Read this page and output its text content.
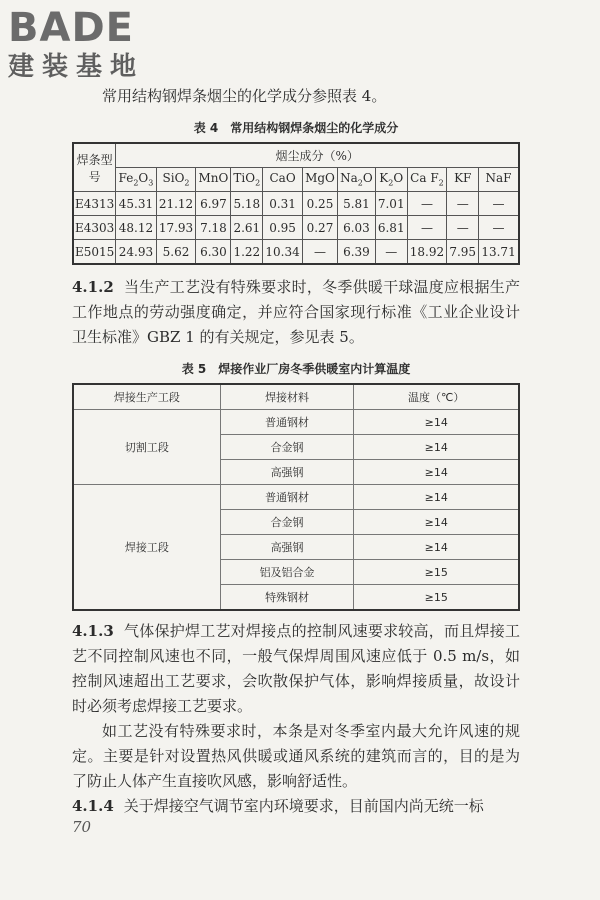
BADE
建装基地

常用结构钢焊条烟尘的化学成分参照表 4。

表 4　常用结构钢焊条烟尘的化学成分
焊条型号	烟尘成分（%）										
	$Fe_2O_3$	SiO$_2$	MnO	TiO$_2$	CaO	MgO	$Na_2O$	$K_2O$	Ca $F_2$	KF	NaF
E4313	45.31	21.12	6.97	5.18	0.31	0.25	5.81	7.01	—	—	—
E4303	48.12	17.93	7.18	2.61	0.95	0.27	6.03	6.81	—	—	—
E5015	24.93	5.62	6.30	1.22	10.34	—	6.39	—	18.92	7.95	13.71

4.1.2 当生产工艺没有特殊要求时，冬季供暖干球温度应根据生产工作地点的劳动强度确定，并应符合国家现行标准《工业企业设计卫生标准》GBZ 1 的有关规定，参见表 5。

表 5　焊接作业厂房冬季供暖室内计算温度
焊接生产工段	焊接材料	温度（℃）
切割工段	普通钢材	≥14
	合金钢	≥14
	高强钢	≥14
焊接工段	普通钢材	≥14
	合金钢	≥14
	高强钢	≥14
	铝及铝合金	≥15
	特殊钢材	≥15

4.1.3 气体保护焊工艺对焊接点的控制风速要求较高，而且焊接工艺不同控制风速也不同，一般气保焊周围风速应低于 0.5 m/s，如控制风速超出工艺要求，会吹散保护气体，影响焊接质量，故设计时必须考虑焊接工艺要求。

如工艺没有特殊要求时，本条是对冬季室内最大允许风速的规定。主要是针对设置热风供暖或通风系统的建筑而言的，目的是为了防止人体产生直接吹风感，影响舒适性。

4.1.4 关于焊接空气调节室内环境要求，目前国内尚无统一标

70
